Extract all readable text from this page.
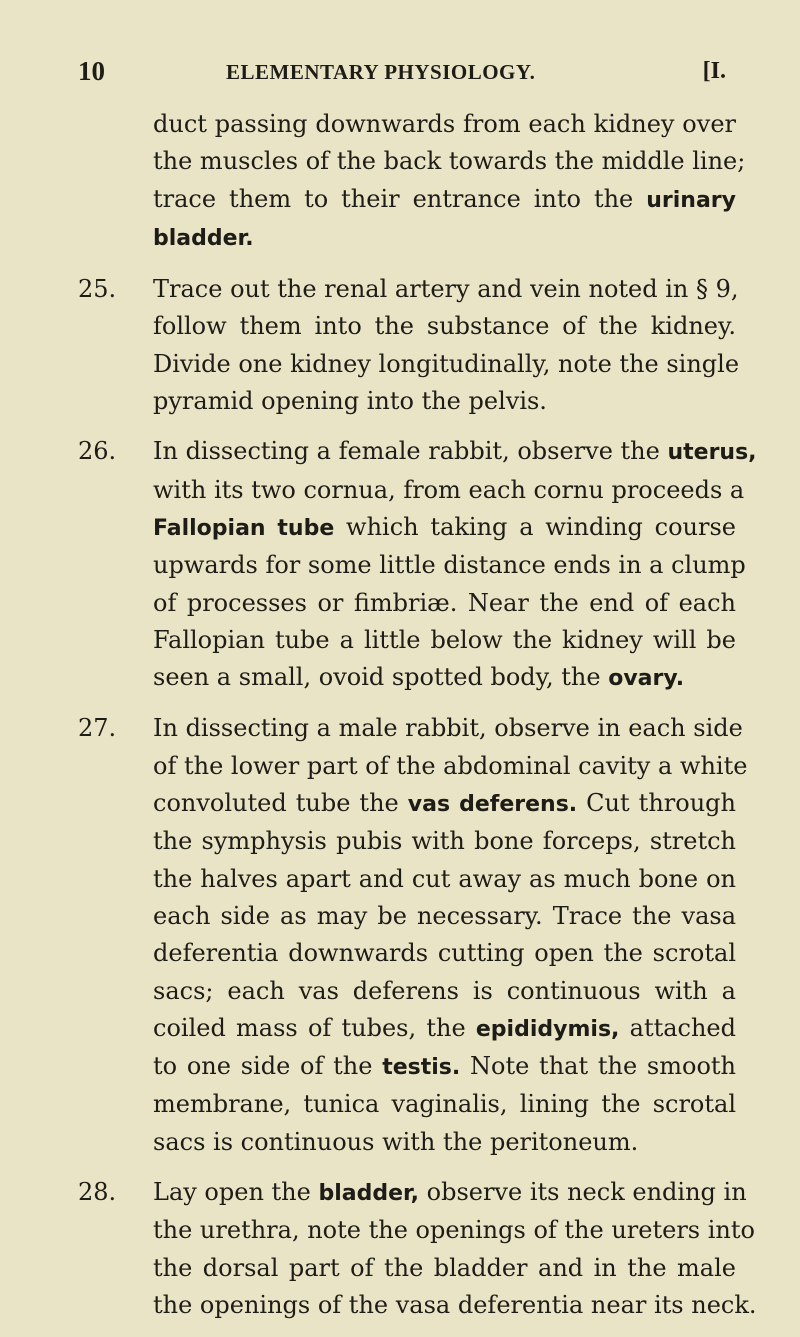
10	ELEMENTARY PHYSIOLOGY.	[I.
duct passing downwards from each kidney over
the muscles of the back towards the middle line;
trace them to their entrance into the urinary
bladder.
25. Trace out the renal artery and vein noted in § 9,
follow them into the substance of the kidney.
Divide one kidney longitudinally, note the single
pyramid opening into the pelvis.
26. In dissecting a female rabbit, observe the uterus,
with its two cornua, from each cornu proceeds a
Fallopian tube which taking a winding course
upwards for some little distance ends in a clump
of processes or fimbriæ. Near the end of each
Fallopian tube a little below the kidney will be
seen a small, ovoid spotted body, the ovary.
27. In dissecting a male rabbit, observe in each side
of the lower part of the abdominal cavity a white
convoluted tube the vas deferens. Cut through
the symphysis pubis with bone forceps, stretch
the halves apart and cut away as much bone on
each side as may be necessary. Trace the vasa
deferentia downwards cutting open the scrotal
sacs; each vas deferens is continuous with a
coiled mass of tubes, the epididymis, attached
to one side of the testis. Note that the smooth
membrane, tunica vaginalis, lining the scrotal
sacs is continuous with the peritoneum.
28. Lay open the bladder, observe its neck ending in
the urethra, note the openings of the ureters into
the dorsal part of the bladder and in the male
the openings of the vasa deferentia near its neck.
